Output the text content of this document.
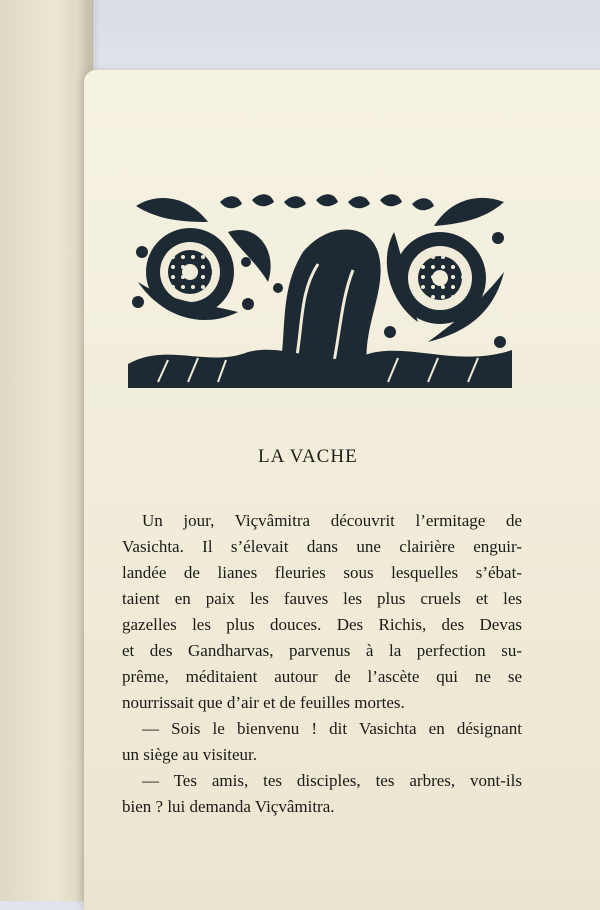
LA VACHE
Un jour, Viçvâmitra découvrit l’ermitage de
Vasichta. Il s’élevait dans une clairière enguir-
landée de lianes fleuries sous lesquelles s’ébat-
taient en paix les fauves les plus cruels et les
gazelles les plus douces. Des Richis, des Devas
et des Gandharvas, parvenus à la perfection su-
prême, méditaient autour de l’ascète qui ne se
nourrissait que d’air et de feuilles mortes.
— Sois le bienvenu ! dit Vasichta en désignant
un siège au visiteur.
— Tes amis, tes disciples, tes arbres, vont-ils
bien ? lui demanda Viçvâmitra.
